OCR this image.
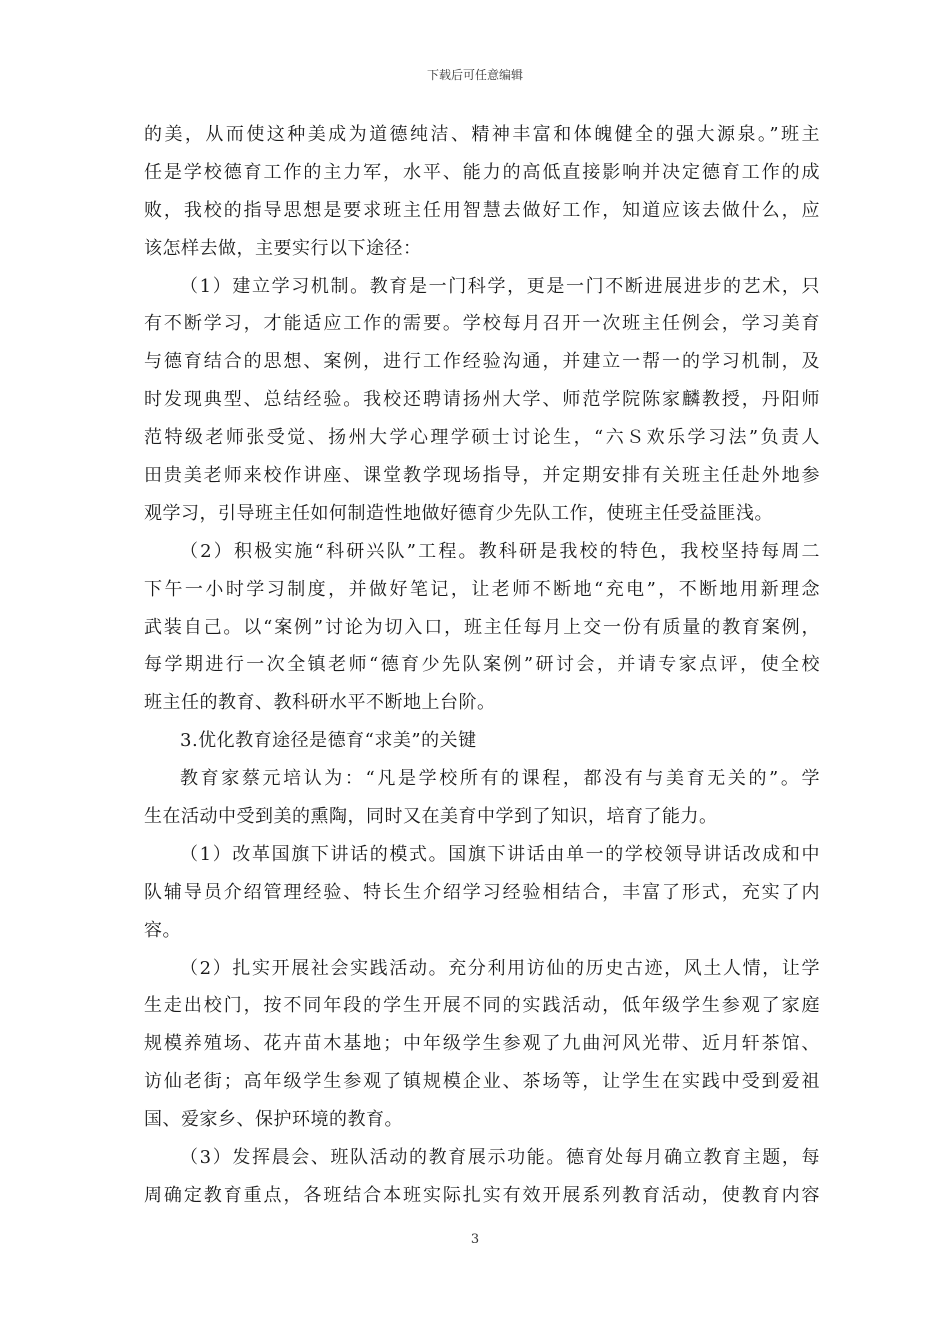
下载后可任意编辑
的美，从而使这种美成为道德纯洁、精神丰富和体魄健全的强大源泉。”班主
任是学校德育工作的主力军，水平、能力的高低直接影响并决定德育工作的成
败，我校的指导思想是要求班主任用智慧去做好工作，知道应该去做什么，应
该怎样去做，主要实行以下途径：
（1）建立学习机制。教育是一门科学，更是一门不断进展进步的艺术，只
有不断学习，才能适应工作的需要。学校每月召开一次班主任例会，学习美育
与德育结合的思想、案例，进行工作经验沟通，并建立一帮一的学习机制，及
时发现典型、总结经验。我校还聘请扬州大学、师范学院陈家麟教授，丹阳师
范特级老师张受觉、扬州大学心理学硕士讨论生，“六Ｓ欢乐学习法”负责人
田贵美老师来校作讲座、课堂教学现场指导，并定期安排有关班主任赴外地参
观学习，引导班主任如何制造性地做好德育少先队工作，使班主任受益匪浅。
（2）积极实施“科研兴队”工程。教科研是我校的特色，我校坚持每周二
下午一小时学习制度，并做好笔记，让老师不断地“充电”，不断地用新理念
武装自己。以“案例”讨论为切入口，班主任每月上交一份有质量的教育案例，
每学期进行一次全镇老师“德育少先队案例”研讨会，并请专家点评，使全校
班主任的教育、教科研水平不断地上台阶。
3.优化教育途径是德育“求美”的关键
教育家蔡元培认为：“凡是学校所有的课程，都没有与美育无关的”。学
生在活动中受到美的熏陶，同时又在美育中学到了知识，培育了能力。
（1）改革国旗下讲话的模式。国旗下讲话由单一的学校领导讲话改成和中
队辅导员介绍管理经验、特长生介绍学习经验相结合，丰富了形式，充实了内
容。
（2）扎实开展社会实践活动。充分利用访仙的历史古迹，风土人情，让学
生走出校门，按不同年段的学生开展不同的实践活动，低年级学生参观了家庭
规模养殖场、花卉苗木基地；中年级学生参观了九曲河风光带、近月轩茶馆、
访仙老街；高年级学生参观了镇规模企业、茶场等，让学生在实践中受到爱祖
国、爱家乡、保护环境的教育。
（3）发挥晨会、班队活动的教育展示功能。德育处每月确立教育主题，每
周确定教育重点，各班结合本班实际扎实有效开展系列教育活动，使教育内容
3
